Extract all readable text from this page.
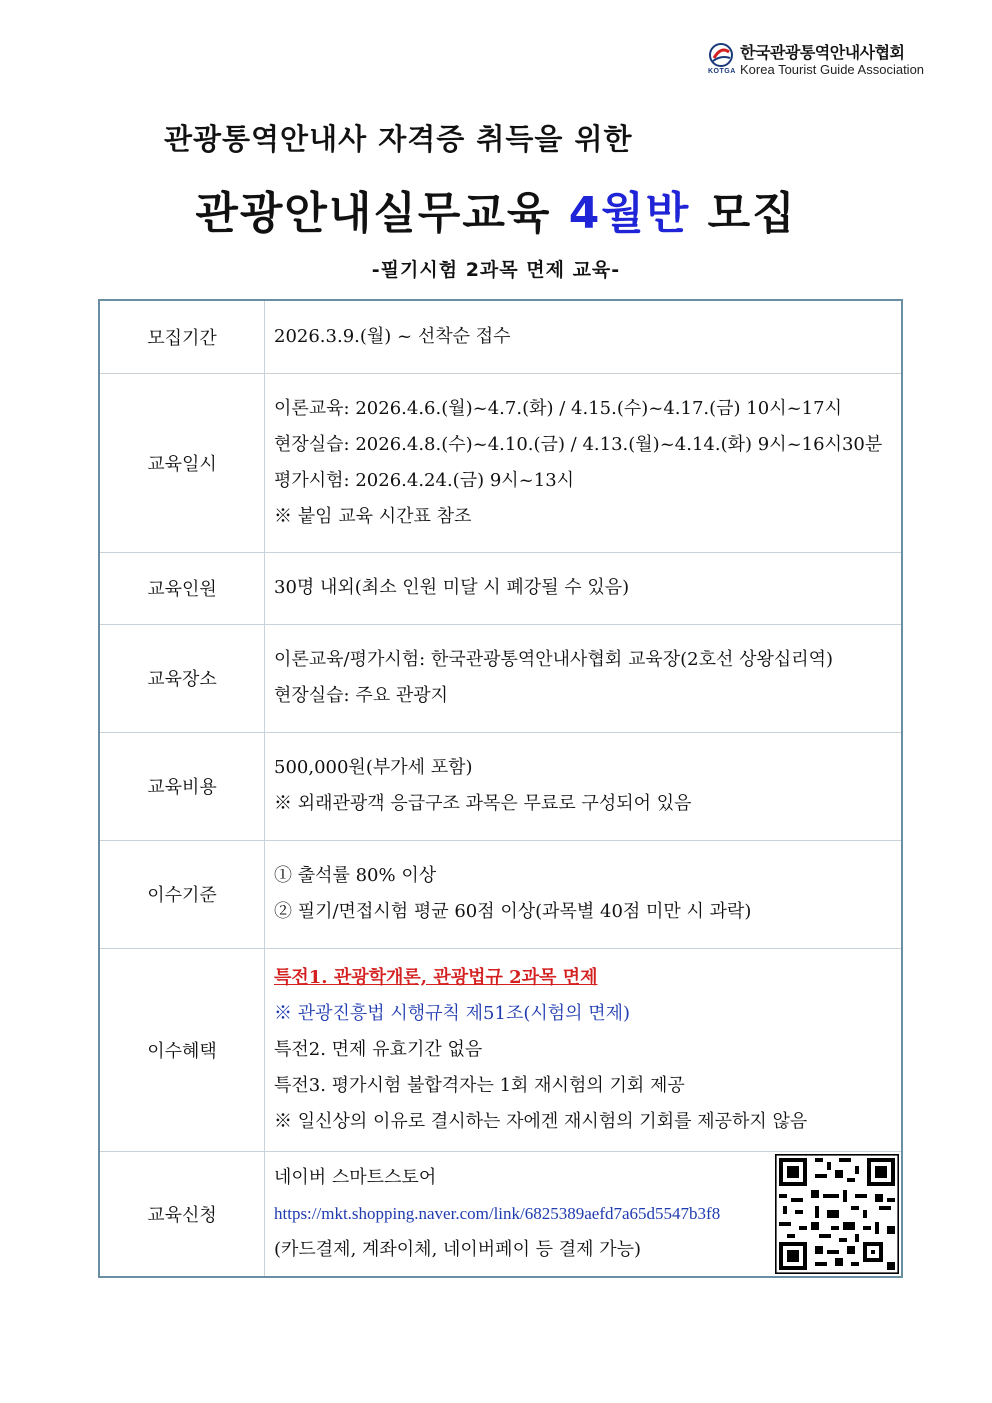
KOTGA
한국관광통역안내사협회
Korea Tourist Guide Association
관광통역안내사 자격증 취득을 위한
관광안내실무교육 4월반 모집
-필기시험 2과목 면제 교육-
모집기간	2026.3.9.(월) ~ 선착순 접수

교육일시	이론교육: 2026.4.6.(월)~4.7.(화) / 4.15.(수)~4.17.(금) 10시~17시
현장실습: 2026.4.8.(수)~4.10.(금) / 4.13.(월)~4.14.(화) 9시~16시30분
평가시험: 2026.4.24.(금) 9시~13시
※ 붙임 교육 시간표 참조

교육인원	30명 내외(최소 인원 미달 시 폐강될 수 있음)

교육장소	이론교육/평가시험: 한국관광통역안내사협회 교육장(2호선 상왕십리역)
현장실습: 주요 관광지

교육비용	500,000원(부가세 포함)
※ 외래관광객 응급구조 과목은 무료로 구성되어 있음

이수기준	① 출석률 80% 이상
② 필기/면접시험 평균 60점 이상(과목별 40점 미만 시 과락)

이수혜택	특전1. 관광학개론, 관광법규 2과목 면제
※ 관광진흥법 시행규칙 제51조(시험의 면제)
특전2. 면제 유효기간 없음
특전3. 평가시험 불합격자는 1회 재시험의 기회 제공
※ 일신상의 이유로 결시하는 자에겐 재시험의 기회를 제공하지 않음

교육신청	네이버 스마트스토어
https://mkt.shopping.naver.com/link/6825389aefd7a65d5547b3f8
(카드결제, 계좌이체, 네이버페이 등 결제 가능)
